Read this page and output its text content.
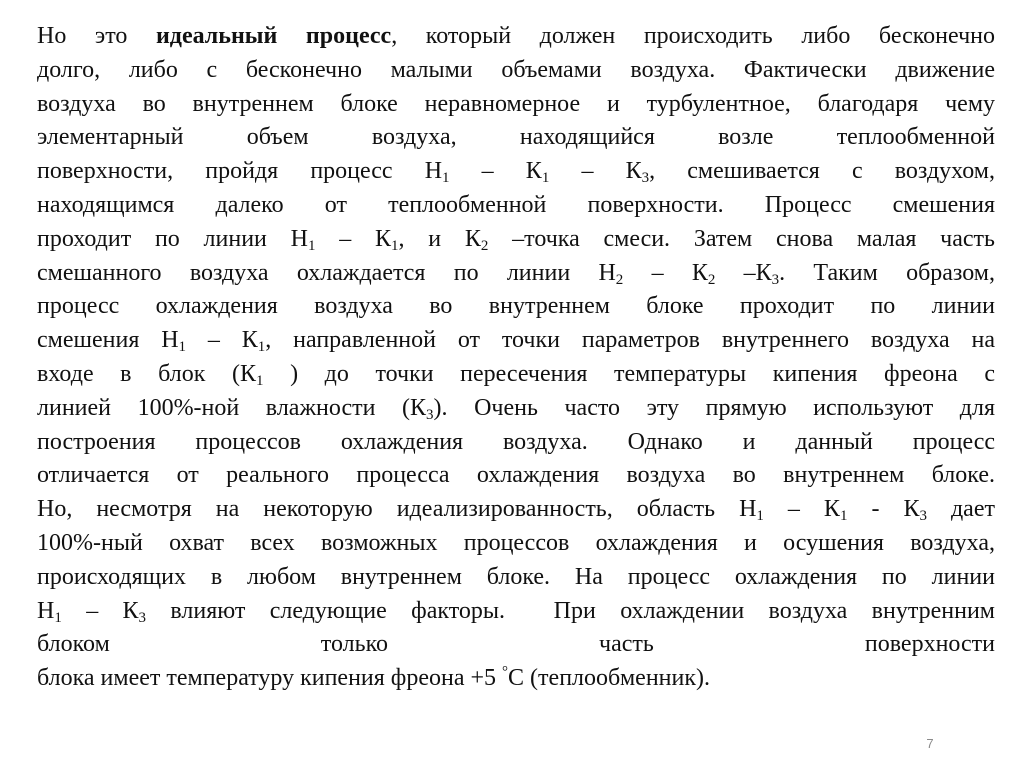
Но это идеальный процесс, который должен происходить либо бесконечно
долго, либо с бесконечно малыми объемами воздуха. Фактически движение
воздуха во внутреннем блоке неравномерное и турбулентное, благодаря чему
элементарный объем воздуха, находящийся возле теплообменной
поверхности, пройдя процесс $Н_1 - К_1 - К_3$, смешивается с воздухом,
находящимся далеко от теплообменной поверхности. Процесс смешения
проходит по линии $Н_1 - К_1$, и $К_2$ –точка смеси. Затем снова малая часть
смешанного воздуха охлаждается по линии $Н_2 - К_2$ $-К_3$. Таким образом,
процесс охлаждения воздуха во внутреннем блоке проходит по линии
смешения $Н_1 - К_1$, направленной от точки параметров внутреннего воздуха на
входе в блок ($К_1$ ) до точки пересечения температуры кипения фреона с
линией 100%-ной влажности $(К_3)$. Очень часто эту прямую используют для
построения процессов охлаждения воздуха. Однако и данный процесс
отличается от реального процесса охлаждения воздуха во внутреннем блоке.
Но, несмотря на некоторую идеализированность, область $Н_1 - К_1 - К_3$ дает
100%-ный охват всех возможных процессов охлаждения и осушения воздуха,
происходящих в любом внутреннем блоке. На процесс охлаждения по линии
$Н_1 - К_3$ влияют следующие факторы.  При охлаждении воздуха внутренним
блоком только часть поверхности
блока имеет температуру кипения фреона +5 °С (теплообменник).
7
